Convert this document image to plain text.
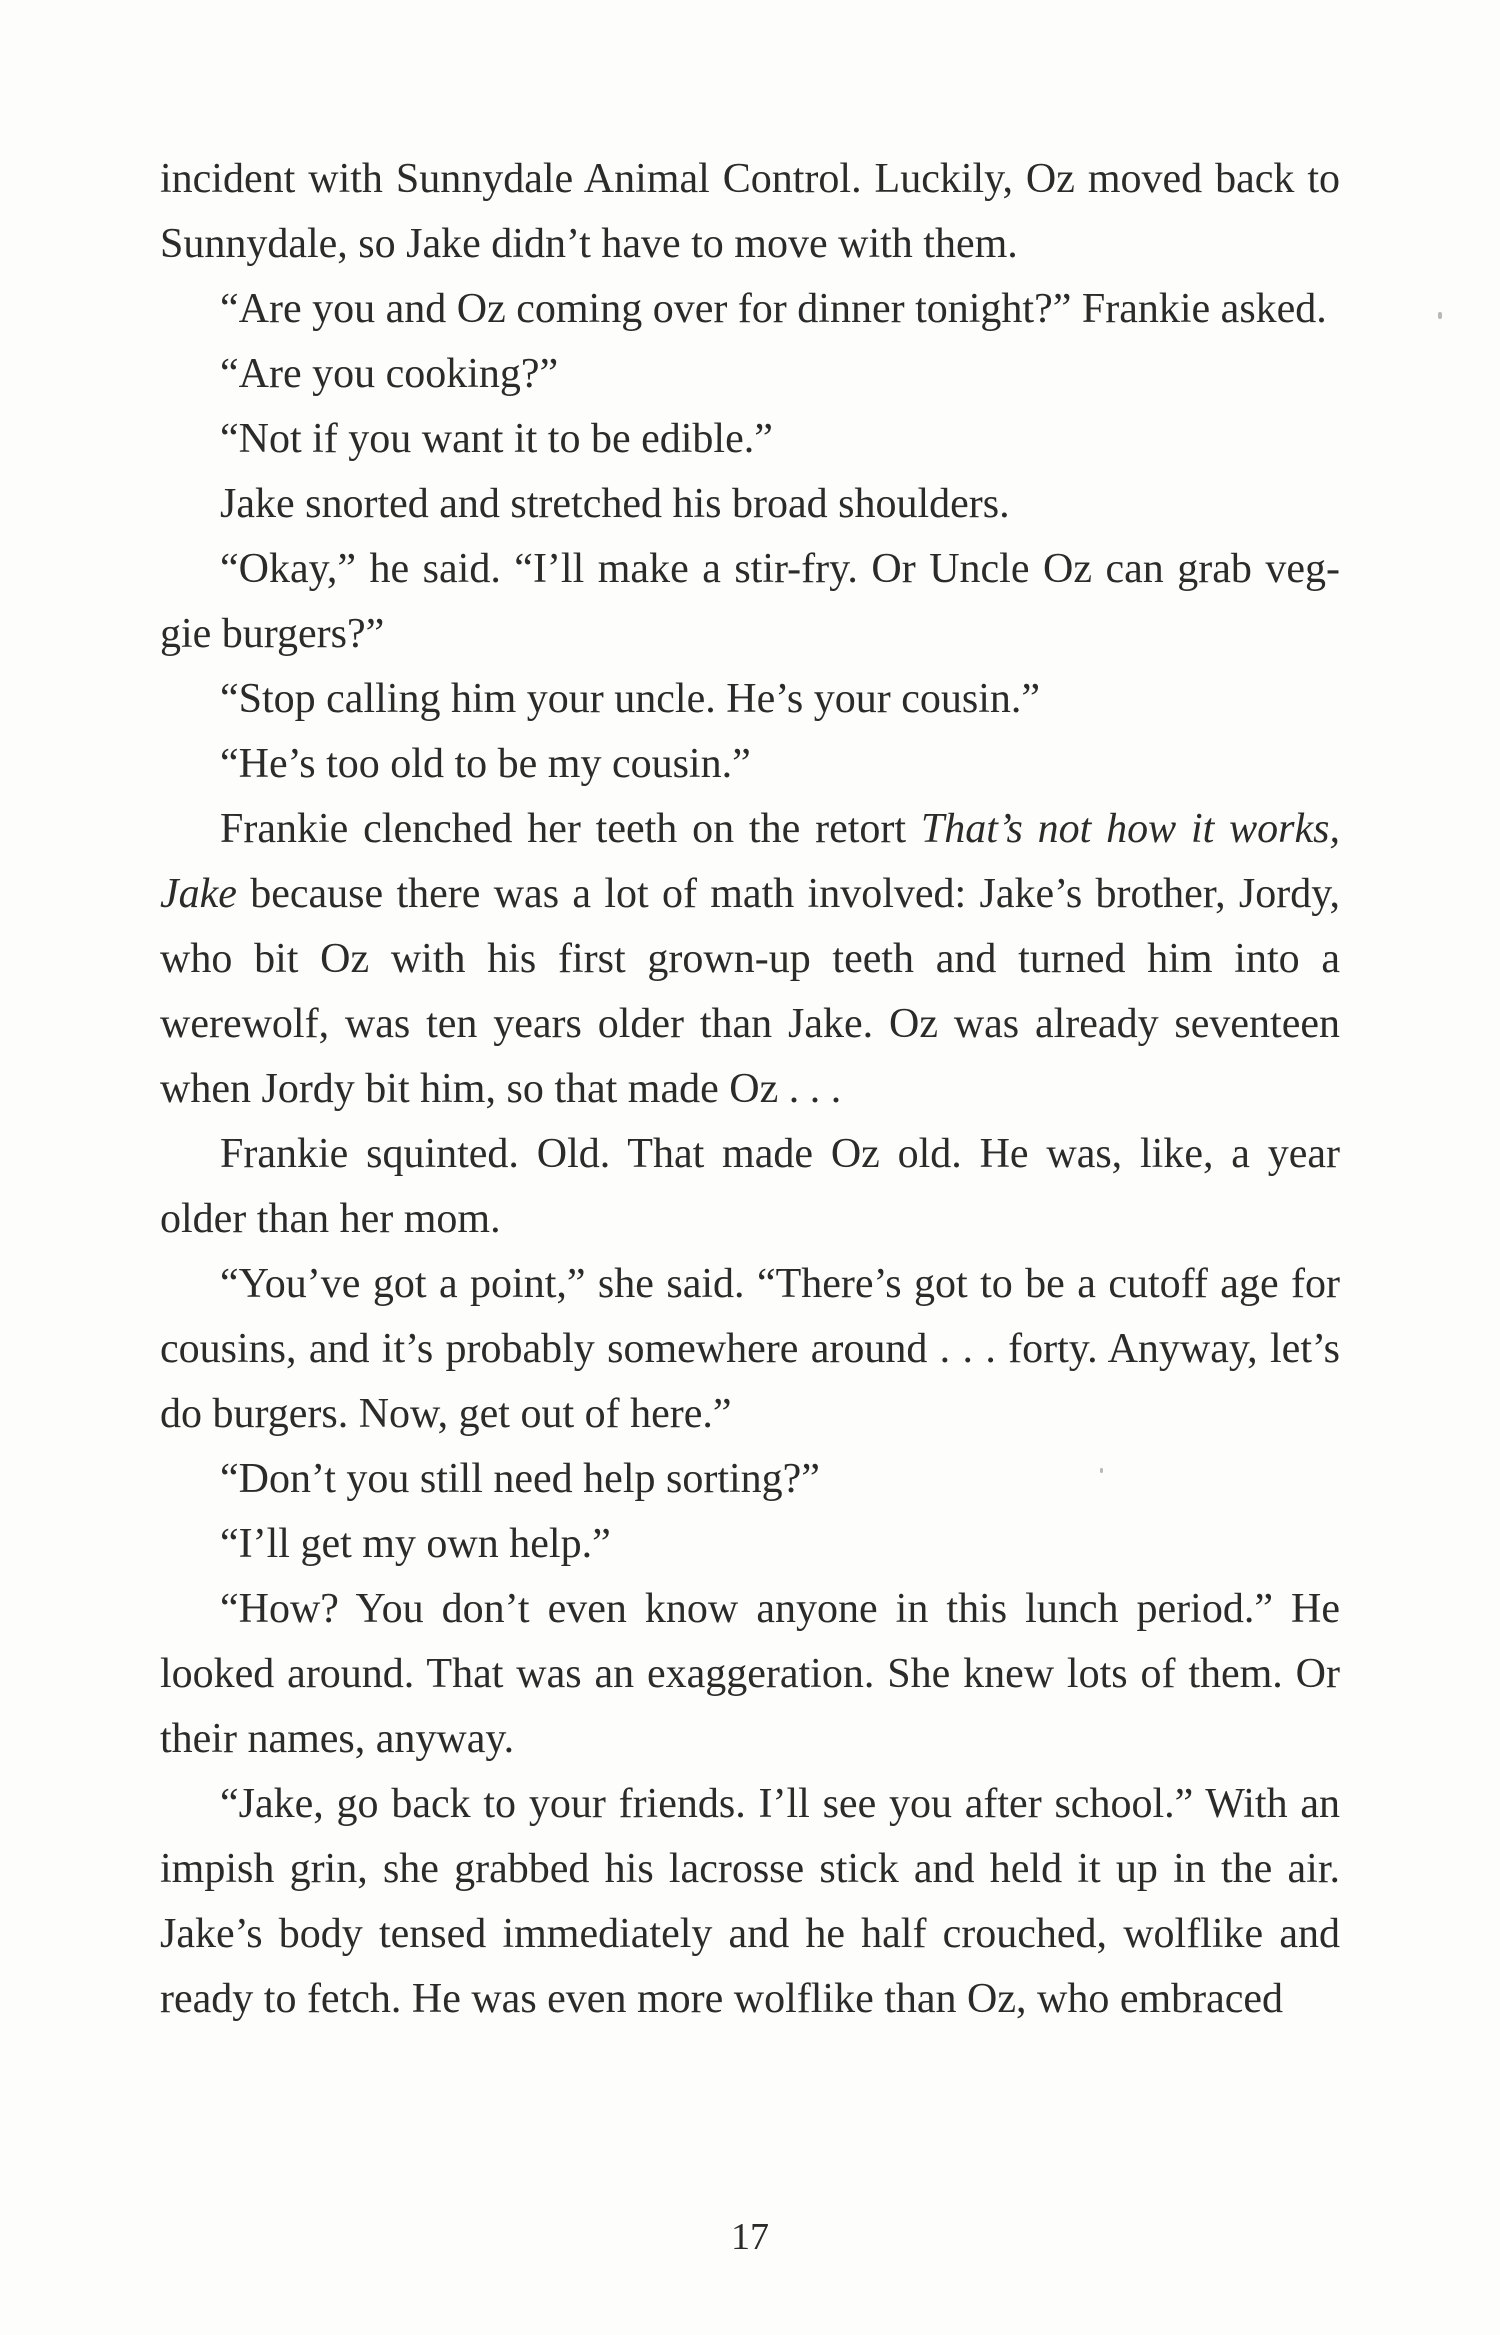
incident with Sunnydale Animal Control. Luckily, Oz moved back to Sunnydale, so Jake didn’t have to move with them.

“Are you and Oz coming over for dinner tonight?” Frankie asked.

“Are you cooking?”

“Not if you want it to be edible.”

Jake snorted and stretched his broad shoulders.

“Okay,” he said. “I’ll make a stir-fry. Or Uncle Oz can grab veggie burgers?”

“Stop calling him your uncle. He’s your cousin.”

“He’s too old to be my cousin.”

Frankie clenched her teeth on the retort That’s not how it works, Jake because there was a lot of math involved: Jake’s brother, Jordy, who bit Oz with his first grown-up teeth and turned him into a werewolf, was ten years older than Jake. Oz was already seventeen when Jordy bit him, so that made Oz . . .

Frankie squinted. Old. That made Oz old. He was, like, a year older than her mom.

“You’ve got a point,” she said. “There’s got to be a cutoff age for cousins, and it’s probably somewhere around . . . forty. Anyway, let’s do burgers. Now, get out of here.”

“Don’t you still need help sorting?”

“I’ll get my own help.”

“How? You don’t even know anyone in this lunch period.” He looked around. That was an exaggeration. She knew lots of them. Or their names, anyway.

“Jake, go back to your friends. I’ll see you after school.” With an impish grin, she grabbed his lacrosse stick and held it up in the air. Jake’s body tensed immediately and he half crouched, wolflike and ready to fetch. He was even more wolflike than Oz, who embraced

17
